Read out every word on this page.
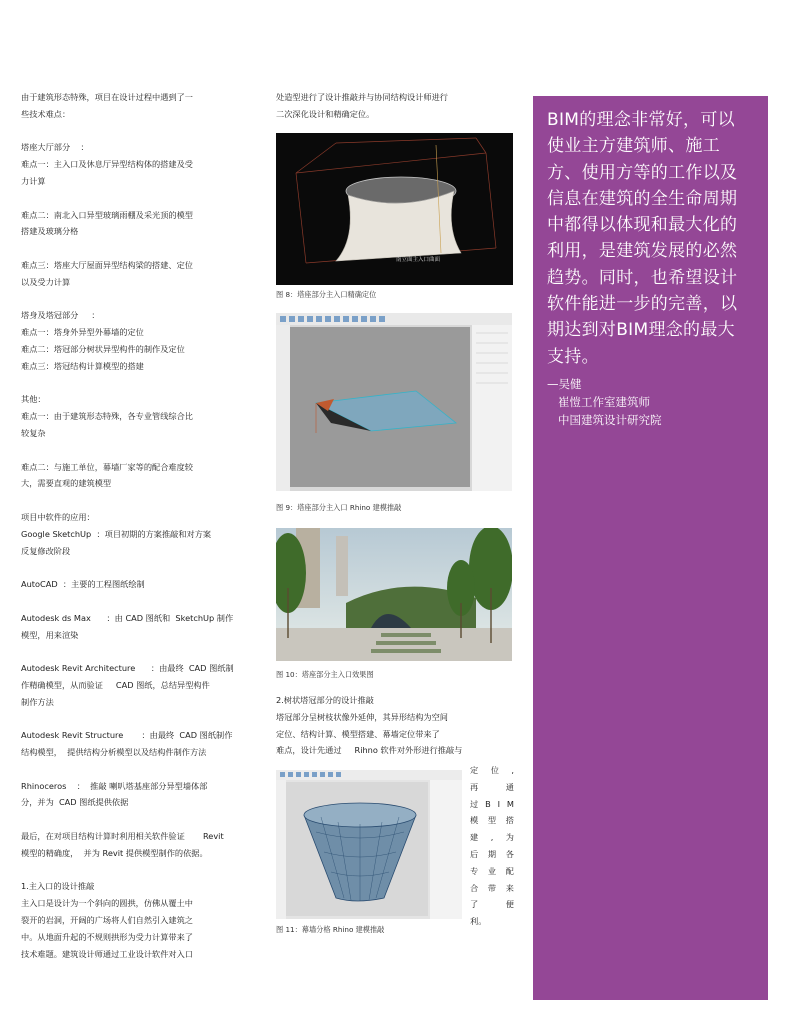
由于建筑形态特殊，项目在设计过程中遇到了一

些技术难点：

塔座大厅部分    ：

难点一：主入口及休息厅异型结构体的搭建及受

力计算

难点二：南北入口异型玻璃雨棚及采光顶的模型

搭建及玻璃分格

难点三：塔座大厅屋面异型结构梁的搭建、定位

以及受力计算

塔身及塔冠部分     ：

难点一：塔身外异型外幕墙的定位

难点二：塔冠部分树状异型构件的制作及定位

难点三：塔冠结构计算模型的搭建

其他：

难点一：由于建筑形态特殊，各专业管线综合比

较复杂

难点二：与施工单位，幕墙厂家等的配合难度较

大，需要直观的建筑模型

项目中软件的应用：

Google SketchUp  ：项目初期的方案推敲和对方案

反复修改阶段

AutoCAD  ：主要的工程图纸绘制

Autodesk ds Max      ：由 CAD 图纸和  SketchUp 制作

模型，用来渲染

Autodesk Revit Architecture      ：由最终  CAD 图纸制

作精确模型，从而验证     CAD 图纸，总结异型构件

制作方法

Autodesk Revit Structure       ：由最终  CAD 图纸制作

结构模型，  提供结构分析模型以及结构件制作方法

Rhinoceros    ：  推敲 喇叭塔基座部分异型墙体部

分，并为  CAD 图纸提供依据

最后，在对项目结构计算时利用相关软件验证       Revit

模型的精确度，  并为 Revit 提供模型制作的依据。

1.主入口的设计推敲

主入口是设计为一个斜向的圆拱，仿佛从覆土中

裂开的岩洞，开阔的广场将人们自然引入建筑之

中。从地面升起的不规则拱形为受力计算带来了

技术难题。建筑设计师通过工业设计软件对入口

处造型进行了设计推敲并与协同结构设计师进行

二次深化设计和精确定位。

南立面主入口曲面
图 8：塔座部分主入口精确定位
图 9：塔座部分主入口 Rhino 建模推敲
图 10：塔座部分主入口效果图

2.树状塔冠部分的设计推敲

塔冠部分呈树枝状像外延伸，其异形结构为空间

定位、结构计算、模型搭建、幕墙定位带来了

难点，设计先通过     Rihno 软件对外形进行推敲与

图 11：幕墙分格 Rhino 建模推敲
定 位 ,
再	通
过 B I M
模 型 搭
建 , 为
后 期 各
专 业 配
合 带 来
了	便
利。
BIM的理念非常好，可以使业主方建筑师、施工方、使用方等的工作以及信息在建筑的全生命周期中都得以体现和最大化的利用，是建筑发展的必然趋势。同时，也希望设计软件能进一步的完善，以期达到对BIM理念的最大支持。
—吴健
崔愷工作室建筑师
中国建筑设计研究院
